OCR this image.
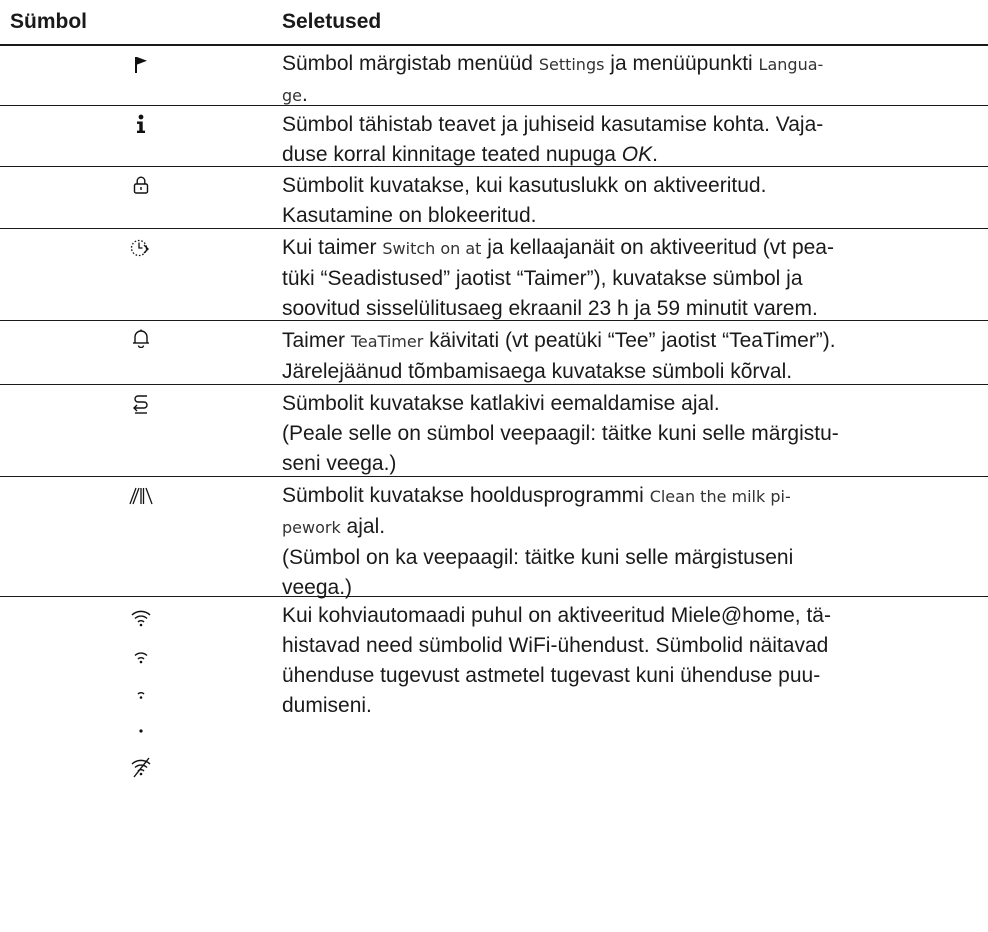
Sümbol	Seletused
Sümbol märgistab menüüd Settings ja menüüpunkti Langua-
ge.
Sümbol tähistab teavet ja juhiseid kasutamise kohta. Vaja-
duse korral kinnitage teated nupuga OK.
Sümbolit kuvatakse, kui kasutuslukk on aktiveeritud.
Kasutamine on blokeeritud.
Kui taimer Switch on at ja kellaajanäit on aktiveeritud (vt pea-
tüki “Seadistused” jaotist “Taimer”), kuvatakse sümbol ja
soovitud sisselülitusaeg ekraanil 23 h ja 59 minutit varem.
Taimer TeaTimer käivitati (vt peatüki “Tee” jaotist “TeaTimer”).
Järelejäänud tõmbamisaega kuvatakse sümboli kõrval.
Sümbolit kuvatakse katlakivi eemaldamise ajal.
(Peale selle on sümbol veepaagil: täitke kuni selle märgistu-
seni veega.)
Sümbolit kuvatakse hooldusprogrammi Clean the milk pi-
pework ajal.
(Sümbol on ka veepaagil: täitke kuni selle märgistuseni
veega.)
Kui kohviautomaadi puhul on aktiveeritud Miele@home, tä-
histavad need sümbolid WiFi-ühendust. Sümbolid näitavad
ühenduse tugevust astmetel tugevast kuni ühenduse puu-
dumiseni.
